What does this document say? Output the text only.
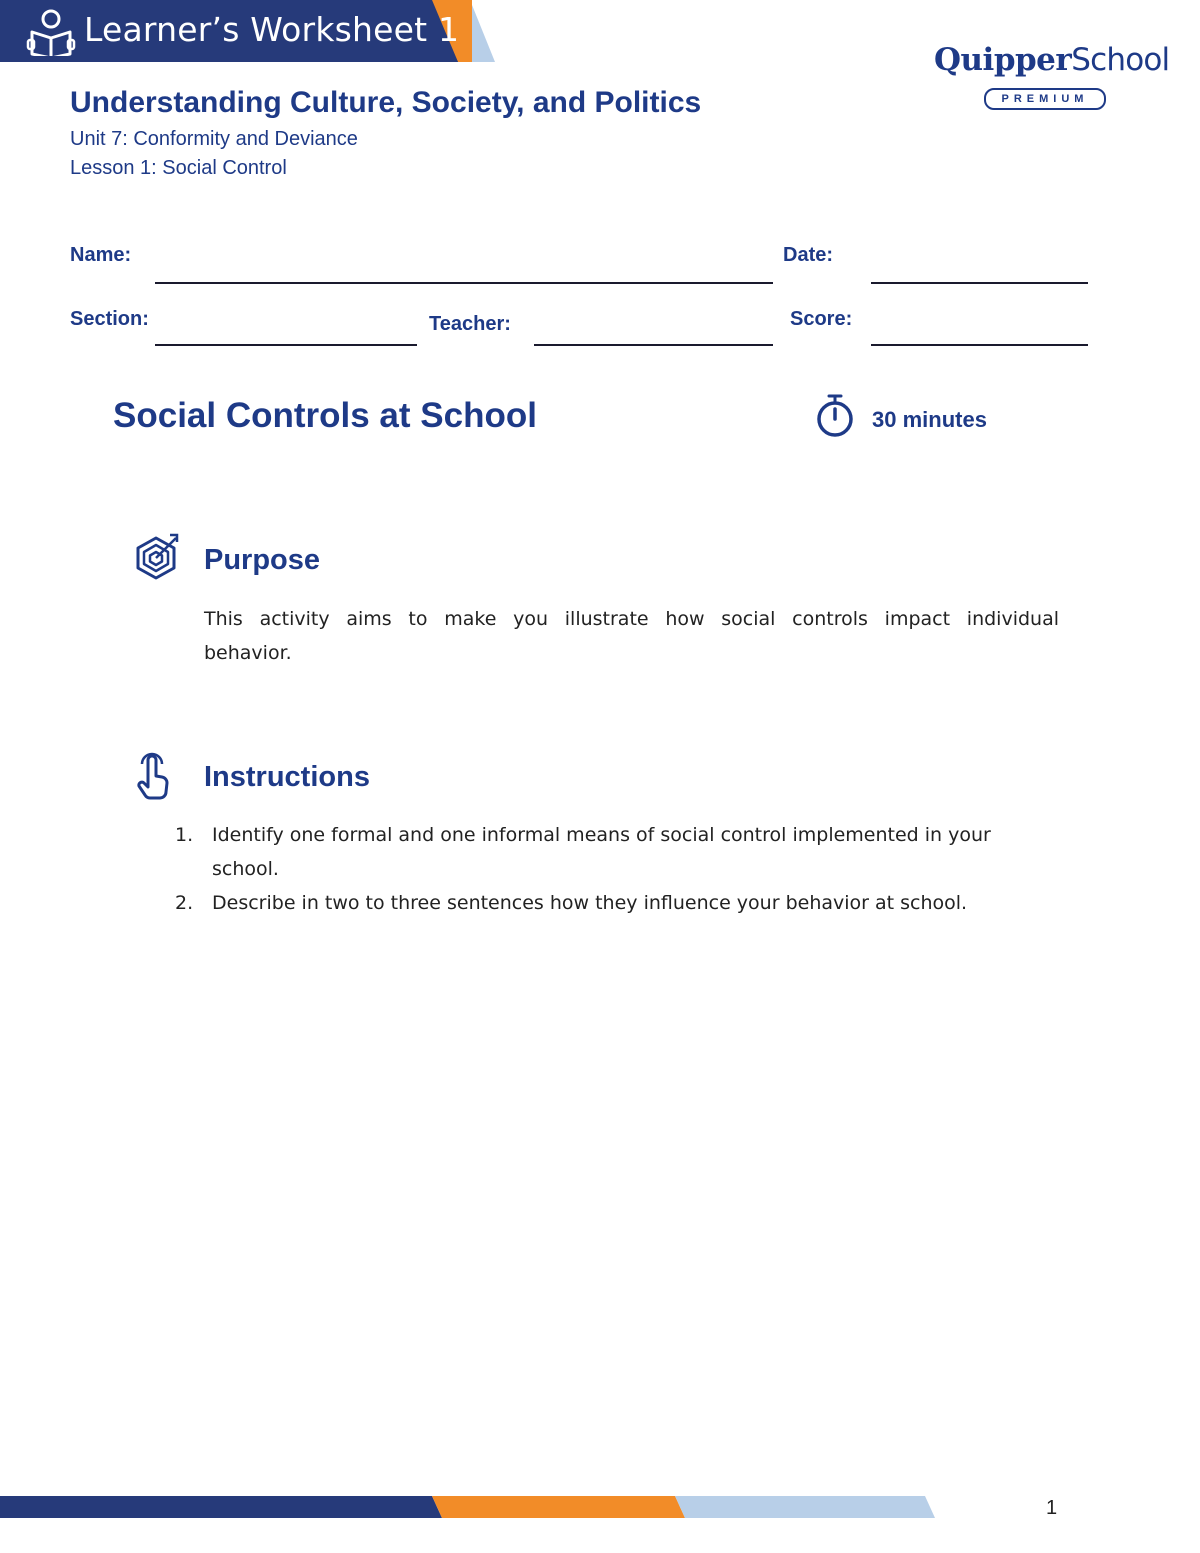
Learner’s Worksheet 1
QuipperSchool
PREMIUM
Understanding Culture, Society, and Politics
Unit 7: Conformity and Deviance
Lesson 1: Social Control
Name:	Date:
Section:	Teacher:	Score:
Social Controls at School	30 minutes
Purpose
This activity aims to make you illustrate how social controls impact individual behavior.
Instructions
1. Identify one formal and one informal means of social control implemented in your school.
2. Describe in two to three sentences how they influence your behavior at school.
1
